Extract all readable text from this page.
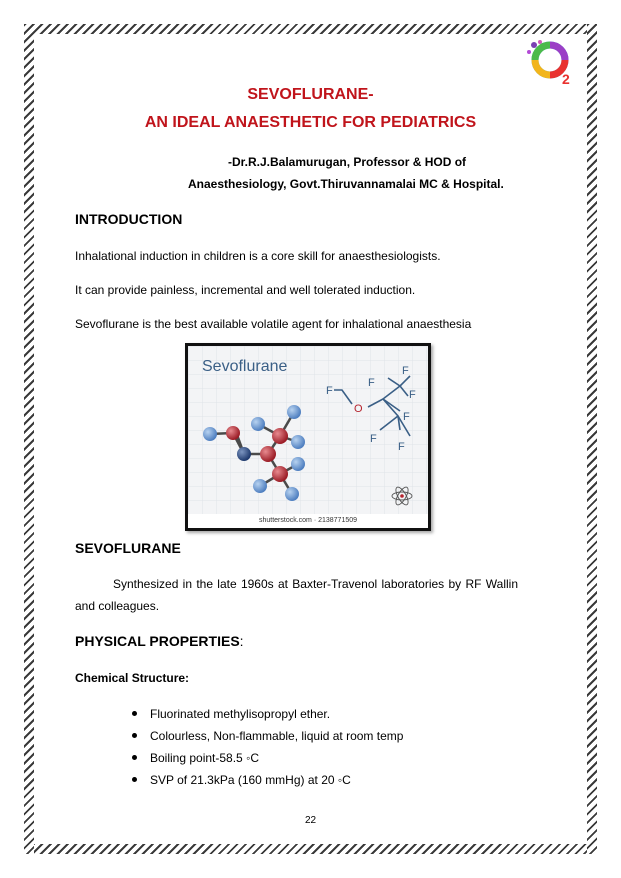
2
SEVOFLURANE-
AN IDEAL ANAESTHETIC FOR PEDIATRICS

-Dr.R.J.Balamurugan, Professor & HOD of

Anaesthesiology, Govt.Thiruvannamalai MC & Hospital.

INTRODUCTION

Inhalational induction in children is a core skill for anaesthesiologists.

It can provide painless, incremental and well tolerated induction.

Sevoflurane is the best available volatile agent for inhalational anaesthesia

F
O
F
F
F
F
F
F
Sevoflurane
shutterstock.com · 2138771509
SEVOFLURANE

Synthesized in the late 1960s at Baxter-Travenol laboratories by RF Wallin and colleagues.

PHYSICAL PROPERTIES:

Chemical Structure:

Fluorinated methylisopropyl ether.
Colourless, Non-flammable, liquid at room temp
Boiling point-58.5 ◦C
SVP of 21.3kPa (160 mmHg) at 20 ◦C
22
